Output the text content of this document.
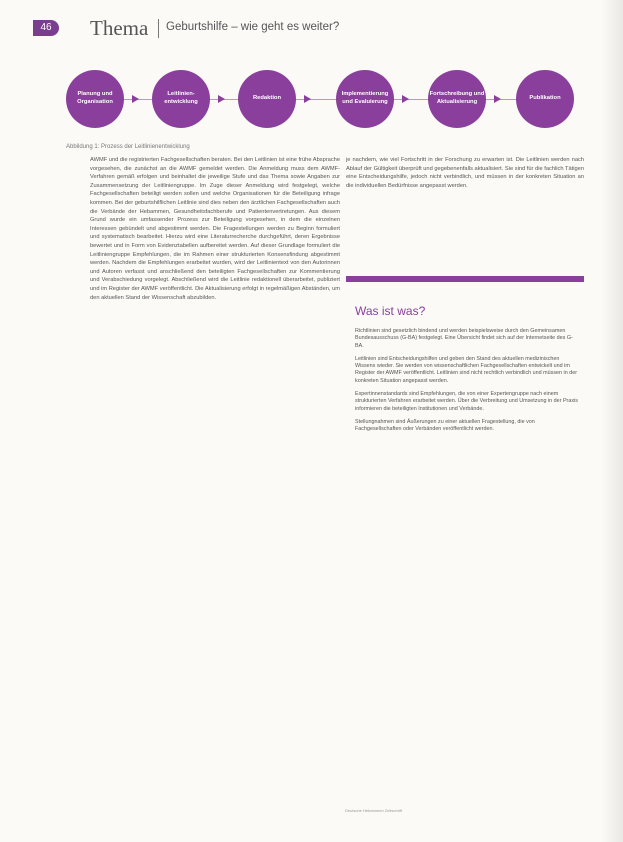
46	Thema Geburtshilfe – wie geht es weiter?
Planung und Organisation
Leitlinien-entwicklung
Redaktion
Implementierung und Evaluierung
Fortschreibung und Aktualisierung
Publikation
Abbildung 1: Prozess der Leitlinienentwicklung

AWMF und die registrierten Fachgesellschaften beraten. Bei den Leitlinien ist eine frühe Absprache vorgesehen, die zunächst an die AWMF gemeldet werden. Die Anmeldung muss dem AWMF-Verfahren gemäß erfolgen und beinhaltet die jeweilige Stufe und das Thema sowie Angaben zur Zusammensetzung der Leitliniengruppe. Im Zuge dieser Anmeldung wird festgelegt, welche Fachgesellschaften beteiligt werden sollen und welche Organisationen für die Beteiligung infrage kommen. Bei der geburtshilflichen Leitlinie sind dies neben den ärztlichen Fachgesellschaften auch die Verbände der Hebammen, Gesundheitsfachberufe und Patientenvertretungen. Aus diesem Grund wurde ein umfassender Prozess zur Beteiligung vorgesehen, in dem die einzelnen Interessen gebündelt und abgestimmt werden. Die Fragestellungen werden zu Beginn formuliert und systematisch bearbeitet. Hierzu wird eine Literaturrecherche durchgeführt, deren Ergebnisse bewertet und in Form von Evidenztabellen aufbereitet werden. Auf dieser Grundlage formuliert die Leitliniengruppe Empfehlungen, die im Rahmen einer strukturierten Konsensfindung abgestimmt werden. Nachdem die Empfehlungen erarbeitet wurden, wird der Leitlinientext von den Autorinnen und Autoren verfasst und anschließend den beteiligten Fachgesellschaften zur Kommentierung und Verabschiedung vorgelegt. Abschließend wird die Leitlinie redaktionell überarbeitet, publiziert und im Register der AWMF veröffentlicht. Die Aktualisierung erfolgt in regelmäßigen Abständen, um den aktuellen Stand der Wissenschaft abzubilden.

je nachdem, wie viel Fortschritt in der Forschung zu erwarten ist. Die Leitlinien werden nach Ablauf der Gültigkeit überprüft und gegebenenfalls aktualisiert. Sie sind für die fachlich Tätigen eine Entscheidungshilfe, jedoch nicht verbindlich, und müssen in der konkreten Situation an die individuellen Bedürfnisse angepasst werden.

Was ist was?

Richtlinien sind gesetzlich bindend und werden beispielsweise durch den Gemeinsamen Bundesausschuss (G-BA) festgelegt. Eine Übersicht findet sich auf der Internetseite des G-BA.

Leitlinien sind Entscheidungshilfen und geben den Stand des aktuellen medizinischen Wissens wieder. Sie werden von wissenschaftlichen Fachgesellschaften entwickelt und im Register der AWMF veröffentlicht. Leitlinien sind nicht rechtlich verbindlich und müssen in der konkreten Situation angepasst werden.

Expertinnenstandards sind Empfehlungen, die von einer Expertengruppe nach einem strukturierten Verfahren erarbeitet werden. Über die Verbreitung und Umsetzung in der Praxis informieren die beteiligten Institutionen und Verbände.

Stellungnahmen sind Äußerungen zu einer aktuellen Fragestellung, die von Fachgesellschaften oder Verbänden veröffentlicht werden.

Deutsche Hebammen Zeitschrift
